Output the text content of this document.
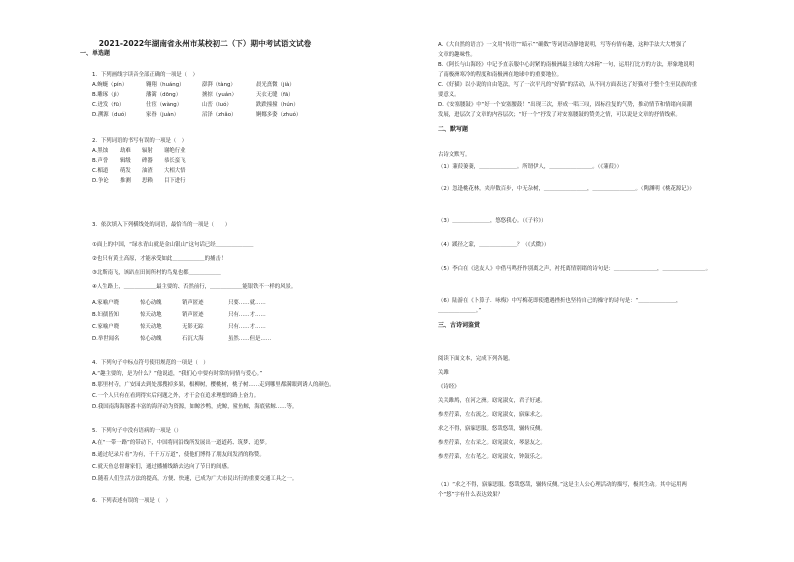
2021-2022年湖南省永州市某校初二（下）期中考试语文试卷
一、单选题
1．下列画线字读音全部正确的一项是（　）
A.蜿蜒（pín）	翱翔（huáng）	澎湃（tàng）	晨光熹微（jià）
B.雕琢（jì）	藩篱（dōng）	掳掠（yuán）	天衣无缝（fā）
C.迸发（fū）	仕宦（wàng）	山峦（luó）	跌跌撞撞（hún）
D.溯源（duó）	家眷（juàn）	沼泽（zhǎo）	婀娜多姿（zhuó）
2．下列词语的书写有误的一项是（　）
A.黑蚀 劫难 辐射 谢绝行业
B.声誉 辑级 碑器 恭长蛮飞
C.楣道 萌发 油渣 大相大悟
D.争论 推测 思赖 目下进行
3．依次填入下列横线处的词语，最恰当的一项是（　　）
①面上的中国，“绿水青山就是金山银山”这句话已经＿＿＿＿＿＿＿
②也只有黄土高原，才能承受如此＿＿＿＿＿＿的捕击！
③北斯南飞，该趴在田间所村的鸟鬼也都＿＿＿＿＿＿
④人生路上，＿＿＿＿＿＿最主要的、否然前行，＿＿＿＿＿＿能银铁不一样的风景。
A.家喻户晓	惊心动魄	销声匿迹	只要……就……
B.妇孺皆知	惊天动地	销声匿迹	只有……才……
C.家喻户晓	惊天动地	无影无踪	只有……才……
D.举世闻名	惊心动魄	石沉大海	虽然……但是……
4．下列句子中标点符号使用规范的一项是（　）
A.“趣主要的，是为什么？”他说道，“我们心中要有时常的同情与爱心。”
B.那里村寺，广安园去到处那搜掉多果，根柳树，樱桃树，桃子树……走到哪里都满眼到诱人的颜色。
C.一个人只有在看到得实后问题之外，才干会在追求理想的路上奋力。
D.我国南海海豚番丰富的海洋动为资源，如鲸沙鸭，虎鲸，鲨鱼鲸，海底鲨鲸……等。
5．下列句子中没有语病的一项是（）
A.在“一带一路”的带动下，中国将同沿线所发展出一道道药、筑梦、追梦。
B.通过纪录片看“为有，千千万万道”，使他们博得了朋友间发消的称赞。
C.就天鱼总督谢家们，通过播捕线路去达向了节日的间感。
D.随着人们生活方法的提高，方便、快速，已成为广大市民出行的重要交通工具之一。
6．下列表述有误的一项是（　）
A.《大自然的语言》一文用“传语”“暗示”“确数”等词语动静地说明，写等有情有趣，这种手法大大增强了
文章的趣味性。
B.《阿长与山海经》中记予直亲服中心封紧的南极洲最主球的大冰箱”一句，运用打比方的方法，形象地说明
了南极洲寒冷的程度和南极洲在地球中的重要地位。
C.《好猫》以小说的自由笔法，写了一次平凡的“好猫”的活动，从不同方面表达了好猫对于整个生至民族的重
要意义。
D.《安塞腰鼓》中“好一个安塞腰鼓！”出现三次，形成一唱三叹，固标往复的气势，推动情节和情绪向高潮
发展，进层次了文章的内容层次；“好一个”抒发了对安塞腰鼓的赞美之情，可以说是文章的抒情线索。
二、默写题
古诗文默写。
（1）蒹葭萋萋，＿＿＿＿＿＿＿。所谓伊人，＿＿＿＿＿＿＿＿。（《蒹葭》）
（2）忽逢桃花林，夹岸数百步，中无杂树，＿＿＿＿＿＿＿＿，＿＿＿＿＿＿＿＿。（陶渊明《桃花源记》）
（3）＿＿＿＿＿＿＿，悠悠我心。（《子衿》）
（4）蹊径之蒙，＿＿＿＿＿＿＿？（《式微》）
（5）李白在《送友人》中借马鸣抒作别离之声，衬托离情别绪的诗句是：＿＿＿＿＿＿＿＿，＿＿＿＿＿＿＿＿。
（6）陆游在《卜算子．咏梅》中写梅花即使遭遇挫折也坚持自己的操守的诗句是：“＿＿＿＿＿＿＿，
＿＿＿＿＿＿＿。”
三、古诗词鉴赏
阅读下面文本，完成下列各题。
关雎
《诗经》
关关雎鸠，在河之洲。窈窕淑女，君子好逑。
参差荇菜，左右流之。窈窕淑女，寤寐求之。
求之不得，寤寐思服。悠哉悠哉，辗转反侧。
参差荇菜，左右采之。窈窕淑女，琴瑟友之。
参差荇菜，左右芼之。窈窕淑女，钟鼓乐之。
（1）“求之不得，寤寐思服。悠哉悠哉，辗转反侧。”这是主人公心理活动的描写，极其生动。其中运用两
个“悠”字有什么表达效果？
